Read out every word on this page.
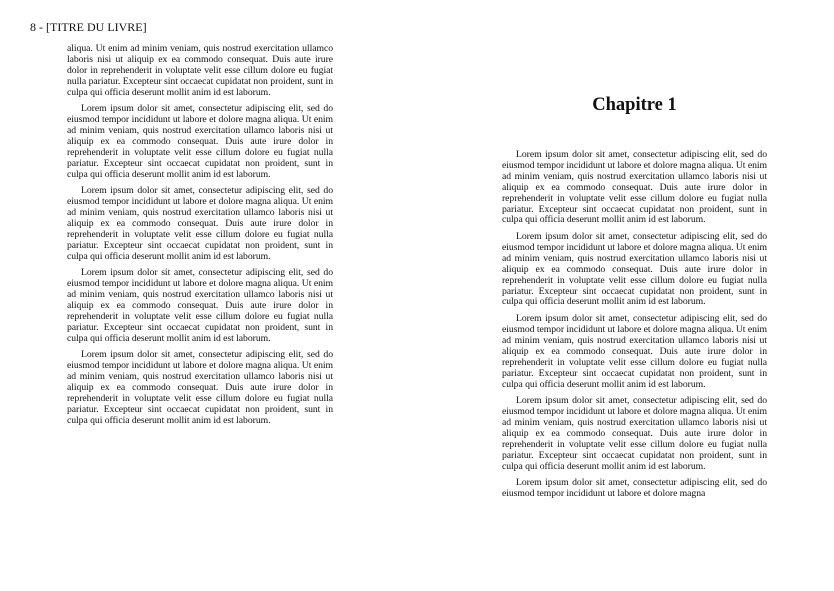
8 - [TITRE DU LIVRE]

aliqua. Ut enim ad minim veniam, quis nostrud exercitation ullamco laboris nisi ut aliquip ex ea commodo consequat. Duis aute irure dolor in reprehenderit in voluptate velit esse cillum dolore eu fugiat nulla pariatur. Excepteur sint occaecat cupidatat non proident, sunt in culpa qui officia deserunt mollit anim id est laborum.

Lorem ipsum dolor sit amet, consectetur adipiscing elit, sed do eiusmod tempor incididunt ut labore et dolore magna aliqua. Ut enim ad minim veniam, quis nostrud exercitation ullamco laboris nisi ut aliquip ex ea commodo consequat. Duis aute irure dolor in reprehenderit in voluptate velit esse cillum dolore eu fugiat nulla pariatur. Excepteur sint occaecat cupidatat non proident, sunt in culpa qui officia deserunt mollit anim id est laborum.

Lorem ipsum dolor sit amet, consectetur adipiscing elit, sed do eiusmod tempor incididunt ut labore et dolore magna aliqua. Ut enim ad minim veniam, quis nostrud exercitation ullamco laboris nisi ut aliquip ex ea commodo consequat. Duis aute irure dolor in reprehenderit in voluptate velit esse cillum dolore eu fugiat nulla pariatur. Excepteur sint occaecat cupidatat non proident, sunt in culpa qui officia deserunt mollit anim id est laborum.

Lorem ipsum dolor sit amet, consectetur adipiscing elit, sed do eiusmod tempor incididunt ut labore et dolore magna aliqua. Ut enim ad minim veniam, quis nostrud exercitation ullamco laboris nisi ut aliquip ex ea commodo consequat. Duis aute irure dolor in reprehenderit in voluptate velit esse cillum dolore eu fugiat nulla pariatur. Excepteur sint occaecat cupidatat non proident, sunt in culpa qui officia deserunt mollit anim id est laborum.

Lorem ipsum dolor sit amet, consectetur adipiscing elit, sed do eiusmod tempor incididunt ut labore et dolore magna aliqua. Ut enim ad minim veniam, quis nostrud exercitation ullamco laboris nisi ut aliquip ex ea commodo consequat. Duis aute irure dolor in reprehenderit in voluptate velit esse cillum dolore eu fugiat nulla pariatur. Excepteur sint occaecat cupidatat non proident, sunt in culpa qui officia deserunt mollit anim id est laborum.

Chapitre 1

Lorem ipsum dolor sit amet, consectetur adipiscing elit, sed do eiusmod tempor incididunt ut labore et dolore magna aliqua. Ut enim ad minim veniam, quis nostrud exercitation ullamco laboris nisi ut aliquip ex ea commodo consequat. Duis aute irure dolor in reprehenderit in voluptate velit esse cillum dolore eu fugiat nulla pariatur. Excepteur sint occaecat cupidatat non proident, sunt in culpa qui officia deserunt mollit anim id est laborum.

Lorem ipsum dolor sit amet, consectetur adipiscing elit, sed do eiusmod tempor incididunt ut labore et dolore magna aliqua. Ut enim ad minim veniam, quis nostrud exercitation ullamco laboris nisi ut aliquip ex ea commodo consequat. Duis aute irure dolor in reprehenderit in voluptate velit esse cillum dolore eu fugiat nulla pariatur. Excepteur sint occaecat cupidatat non proident, sunt in culpa qui officia deserunt mollit anim id est laborum.

Lorem ipsum dolor sit amet, consectetur adipiscing elit, sed do eiusmod tempor incididunt ut labore et dolore magna aliqua. Ut enim ad minim veniam, quis nostrud exercitation ullamco laboris nisi ut aliquip ex ea commodo consequat. Duis aute irure dolor in reprehenderit in voluptate velit esse cillum dolore eu fugiat nulla pariatur. Excepteur sint occaecat cupidatat non proident, sunt in culpa qui officia deserunt mollit anim id est laborum.

Lorem ipsum dolor sit amet, consectetur adipiscing elit, sed do eiusmod tempor incididunt ut labore et dolore magna aliqua. Ut enim ad minim veniam, quis nostrud exercitation ullamco laboris nisi ut aliquip ex ea commodo consequat. Duis aute irure dolor in reprehenderit in voluptate velit esse cillum dolore eu fugiat nulla pariatur. Excepteur sint occaecat cupidatat non proident, sunt in culpa qui officia deserunt mollit anim id est laborum.

Lorem ipsum dolor sit amet, consectetur adipiscing elit, sed do eiusmod tempor incididunt ut labore et dolore magna
